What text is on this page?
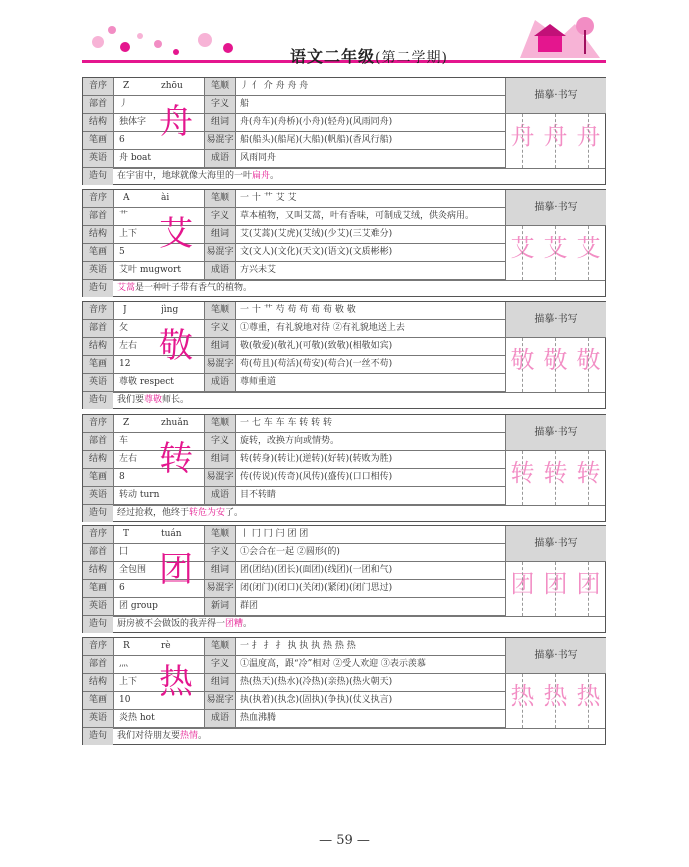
语文二年级(第二学期)
音序	Z	zhōu	笔顺	丿 亻 介 舟 舟 舟
部首	丿	字义	船
结构	独体字	组词	舟(舟车)(舟桥)(小舟)(轻舟)(风雨同舟)
笔画	6	易混字 船(船头)(船尾)(大船)(帆船)(香风行船)
英语	舟 boat	成语	风雨同舟
舟
描摹·书写
舟 舟 舟
造句	在宇宙中，地球就像大海里的一叶扁舟。
音序	A	ài	笔顺	一 十 艹 艾 艾
部首	艹	字义	草本植物，又叫艾蒿，叶有香味，可制成艾绒，供灸病用。
结构	上下	组词	艾(艾蒿)(艾虎)(艾绒)(少艾)(三艾难分)
笔画	5	易混字 文(文人)(文化)(天文)(语文)(文质彬彬)
英语	艾叶 mugwort	成语	方兴未艾
艾
描摹·书写
艾 艾 艾
造句	艾蒿是一种叶子带有香气的植物。
音序	J	jìng	笔顺	一 十 艹 芍 苟 苟 荀 荀 敬 敬
部首	攵	字义	①尊重，有礼貌地对待 ②有礼貌地送上去
结构	左右	组词	敬(敬爱)(敬礼)(可敬)(致敬)(相敬如宾)
笔画	12	易混字 苟(苟且)(苟活)(苟安)(苟合)(一丝不苟)
英语	尊敬 respect	成语	尊师重道
敬
描摹·书写
敬 敬 敬
造句	我们要尊敬师长。
音序	Z	zhuǎn	笔顺	一 七 车 车 车 转 转 转
部首	车	字义	旋转，改换方向或情势。
结构	左右	组词	转(转身)(转让)(逆转)(好转)(转败为胜)
笔画	8	易混字 传(传说)(传奇)(风传)(盛传)(口口相传)
英语	转动 turn	成语	目不转睛
转
描摹·书写
转 转 转
造句	经过抢救，他终于转危为安了。
音序	T	tuán	笔顺	丨 冂 冂 闩 团 团
部首	囗	字义	①会合在一起 ②圆形(的)
结构	全包围	组词	团(团结)(团长)(面团)(线团)(一团和气)
笔画	6	易混字 闭(闭门)(闭口)(关闭)(紧闭)(闭门思过)
英语	团 group	新词	群团
团
描摹·书写
团 团 团
造句	厨房被不会做饭的我弄得一团糟。
音序	R	rè	笔顺	一 扌 扌 扌 执 执 执 热 热 热
部首	灬	字义	①温度高，跟“冷”相对 ②受人欢迎 ③表示羡慕
结构	上下	组词	热(热天)(热水)(冷热)(亲热)(热火朝天)
笔画	10	易混字 执(执着)(执念)(固执)(争执)(仗义执言)
英语	炎热 hot	成语	热血沸腾
热
描摹·书写
热 热 热
造句	我们对待朋友要热情。
— 59 —
